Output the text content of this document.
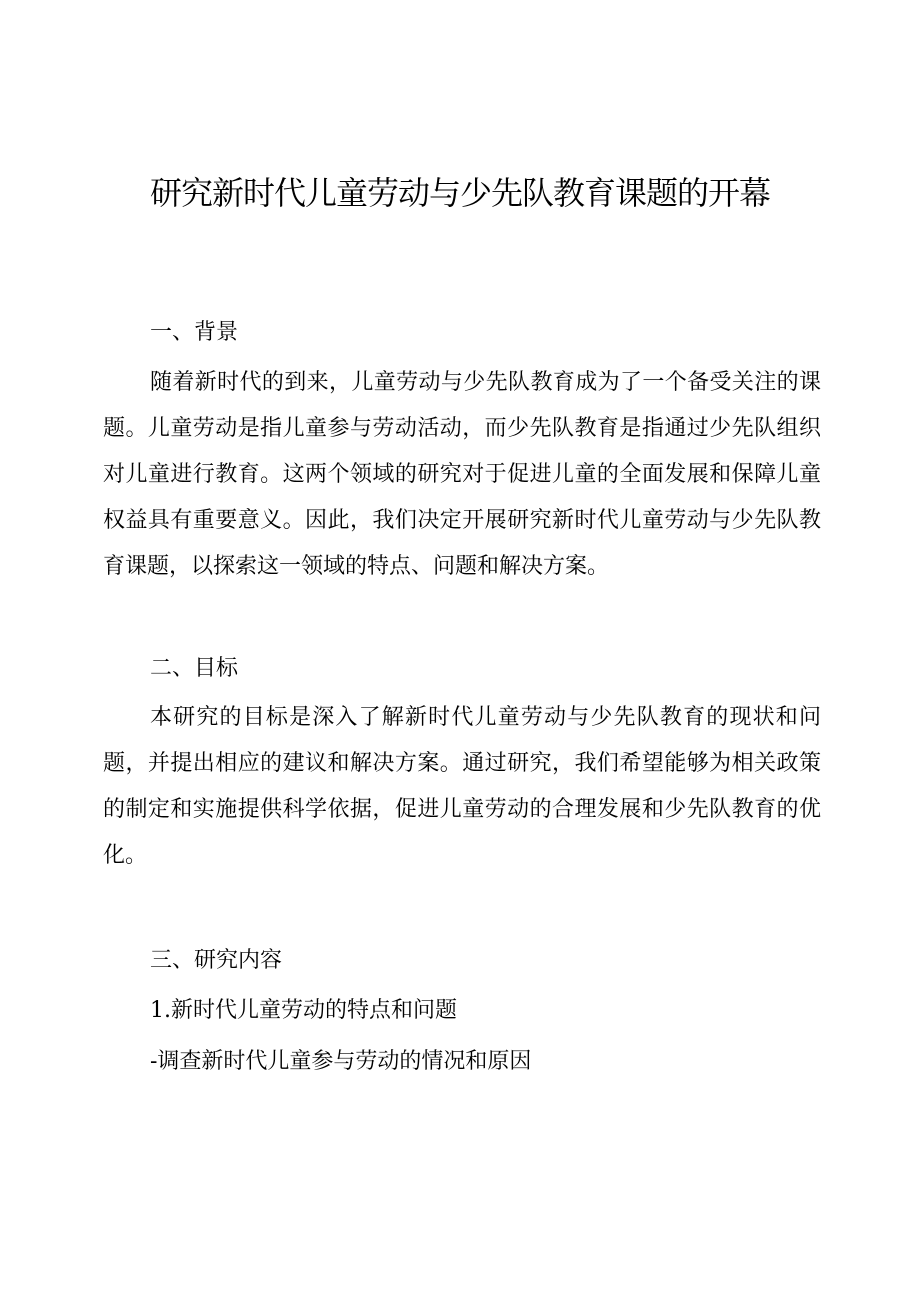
研究新时代儿童劳动与少先队教育课题的开幕
一、背景

随着新时代的到来，儿童劳动与少先队教育成为了一个备受关注的课题。儿童劳动是指儿童参与劳动活动，而少先队教育是指通过少先队组织对儿童进行教育。这两个领域的研究对于促进儿童的全面发展和保障儿童权益具有重要意义。因此，我们决定开展研究新时代儿童劳动与少先队教育课题，以探索这一领域的特点、问题和解决方案。

二、目标

本研究的目标是深入了解新时代儿童劳动与少先队教育的现状和问题，并提出相应的建议和解决方案。通过研究，我们希望能够为相关政策的制定和实施提供科学依据，促进儿童劳动的合理发展和少先队教育的优化。

三、研究内容

1.新时代儿童劳动的特点和问题

-调查新时代儿童参与劳动的情况和原因
